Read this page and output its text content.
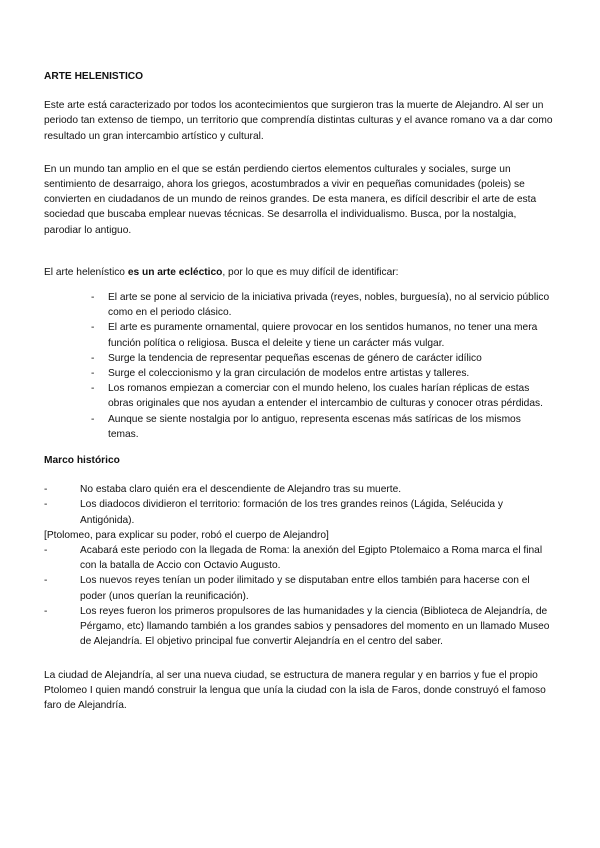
ARTE HELENISTICO

Este arte está caracterizado por todos los acontecimientos que surgieron tras la muerte de Alejandro. Al ser un periodo tan extenso de tiempo, un territorio que comprendía distintas culturas y el avance romano va a dar como resultado un gran intercambio artístico y cultural.

En un mundo tan amplio en el que se están perdiendo ciertos elementos culturales y sociales, surge un sentimiento de desarraigo, ahora los griegos, acostumbrados a vivir en pequeñas comunidades (poleis) se convierten en ciudadanos de un mundo de reinos grandes. De esta manera, es difícil describir el arte de esta sociedad que buscaba emplear nuevas técnicas. Se desarrolla el individualismo. Busca, por la nostalgia, parodiar lo antiguo.

El arte helenístico es un arte ecléctico, por lo que es muy difícil de identificar:

- El arte se pone al servicio de la iniciativa privada (reyes, nobles, burguesía), no al servicio público como en el periodo clásico.
- El arte es puramente ornamental, quiere provocar en los sentidos humanos, no tener una mera función política o religiosa. Busca el deleite y tiene un carácter más vulgar.
- Surge la tendencia de representar pequeñas escenas de género de carácter idílico
- Surge el coleccionismo y la gran circulación de modelos entre artistas y talleres.
- Los romanos empiezan a comerciar con el mundo heleno, los cuales harían réplicas de estas obras originales que nos ayudan a entender el intercambio de culturas y conocer otras pérdidas.
- Aunque se siente nostalgia por lo antiguo, representa escenas más satíricas de los mismos temas.

Marco histórico

-	No estaba claro quién era el descendiente de Alejandro tras su muerte.
-	Los diadocos dividieron el territorio: formación de los tres grandes reinos (Lágida, Seléucida y Antigónida).
[Ptolomeo, para explicar su poder, robó el cuerpo de Alejandro]
-	Acabará este periodo con la llegada de Roma: la anexión del Egipto Ptolemaico a Roma marca el final con la batalla de Accio con Octavio Augusto.
-	Los nuevos reyes tenían un poder ilimitado y se disputaban entre ellos también para hacerse con el poder (unos querían la reunificación).
-	Los reyes fueron los primeros propulsores de las humanidades y la ciencia (Biblioteca de Alejandría, de Pérgamo, etc) llamando también a los grandes sabios y pensadores del momento en un llamado Museo de Alejandría. El objetivo principal fue convertir Alejandría en el centro del saber.

La ciudad de Alejandría, al ser una nueva ciudad, se estructura de manera regular y en barrios y fue el propio Ptolomeo I quien mandó construir la lengua que unía la ciudad con la isla de Faros, donde construyó el famoso faro de Alejandría.
